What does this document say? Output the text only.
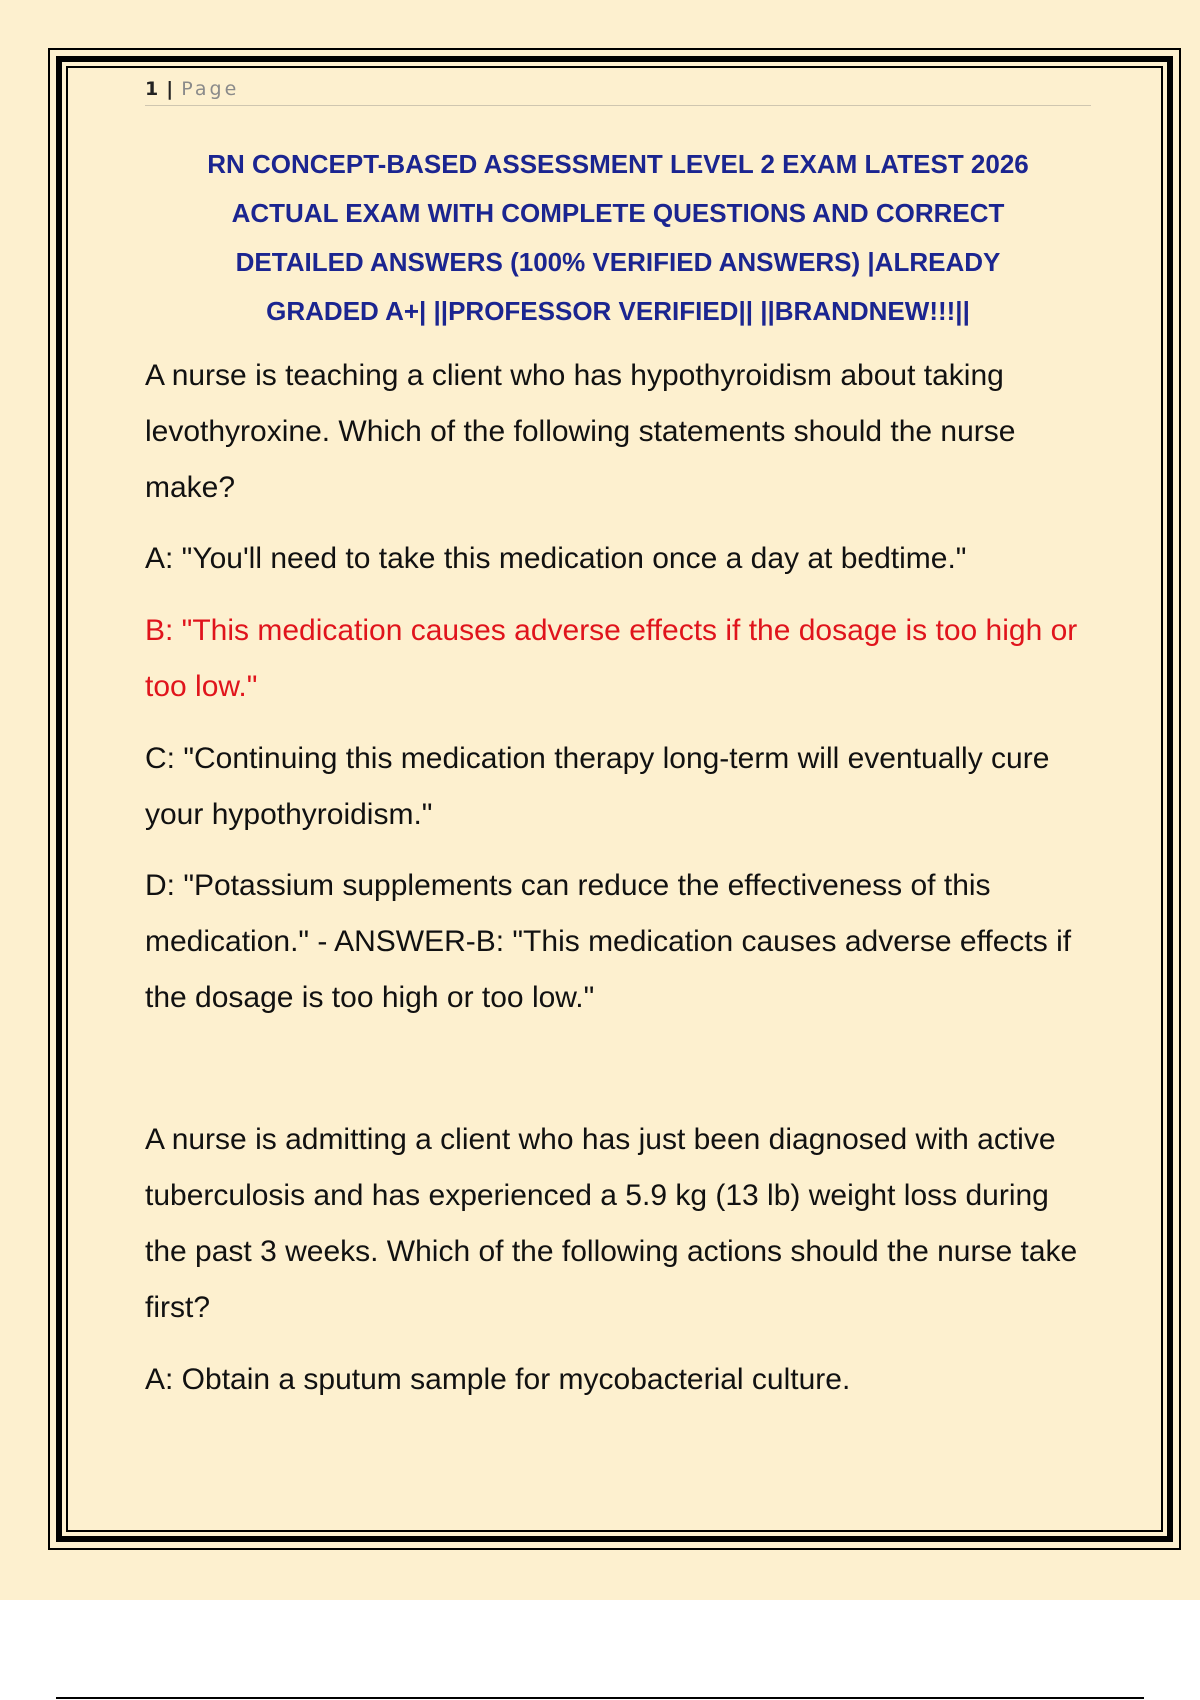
1 | Page
RN CONCEPT-BASED ASSESSMENT LEVEL 2 EXAM LATEST 2026
ACTUAL EXAM WITH COMPLETE QUESTIONS AND CORRECT
DETAILED ANSWERS (100% VERIFIED ANSWERS) |ALREADY
GRADED A+| ||PROFESSOR VERIFIED|| ||BRANDNEW!!!||
A nurse is teaching a client who has hypothyroidism about taking levothyroxine. Which of the following statements should the nurse make?
A: "You'll need to take this medication once a day at bedtime."
B: "This medication causes adverse effects if the dosage is too high or too low."
C: "Continuing this medication therapy long-term will eventually cure your hypothyroidism."
D: "Potassium supplements can reduce the effectiveness of this medication." - ANSWER-B: "This medication causes adverse effects if the dosage is too high or too low."
A nurse is admitting a client who has just been diagnosed with active tuberculosis and has experienced a 5.9 kg (13 lb) weight loss during the past 3 weeks. Which of the following actions should the nurse take first?
A: Obtain a sputum sample for mycobacterial culture.
